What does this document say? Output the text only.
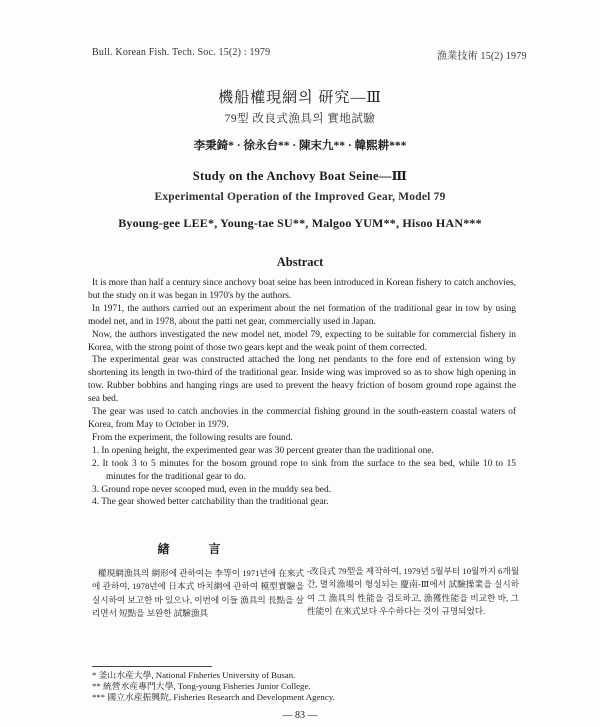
Bull. Korean Fish. Tech. Soc. 15(2) : 1979	漁業技術 15(2) 1979
機船權現網의 研究—Ⅲ
79型 改良式漁具의 實地試驗
李秉錡* · 徐永台** · 陳末九** · 韓熙耕***
Study on the Anchovy Boat Seine—Ⅲ
Experimental Operation of the Improved Gear, Model 79
Byoung-gee LEE*, Young-tae SU**, Malgoo YUM**, Hisoo HAN***
Abstract

It is more than half a century since anchovy boat seine has been introduced in Korean fishery to catch anchovies, but the study on it was began in 1970's by the authors.

In 1971, the authors carried out an experiment about the net formation of the traditional gear in tow by using model net, and in 1978, about the patti net gear, commercially used in Japan.

Now, the authors investigated the new model net, model 79, expecting to be suitable for commercial fishery in Korea, with the strong point of those two gears kept and the weak point of them corrected.

The experimental gear was constructed attached the long net pendants to the fore end of extension wing by shortening its length in two-third of the traditional gear. Inside wing was improved so as to show high opening in tow. Rubber bobbins and hanging rings are used to prevent the heavy friction of bosom ground rope against the sea bed.

The gear was used to catch anchovies in the commercial fishing ground in the south-eastern coastal waters of Korea, from May to October in 1979.

From the experiment, the following results are found.

1. In opening height, the experimented gear was 30 percent greater than the traditional one.
2. It took 3 to 5 minutes for the bosom ground rope to sink from the surface to the sea bed, while 10 to 15 minutes for the traditional gear to do.
3. Ground rope never scooped mud, even in the muddy sea bed.
4. The gear showed better catchability than the traditional gear.
緖 言

權現網漁具의 網形에 관하여는 李等이 1971년에 在來式에 관하여, 1978년에 日本式 바치網에 관하여 模型實驗을 실시하여 보고한 바 있으나, 이번에 이들 漁具의 長點을 살리면서 短點을 보완한 試驗漁具

-改良式 79型을 제작하여, 1979년 5월부터 10월까지 6개월간, 멸치漁場이 형성되는 慶南-Ⅲ에서 試驗操業을 실시하여 그 漁具의 性能을 검토하고, 漁獲性能을 비교한 바, 그 性能이 在來式보다 우수하다는 것이 규명되었다.

* 釜山水産大學, National Fisheries University of Busan.
** 統營水産專門大學, Tong-young Fisheries Junior College.
*** 國立水産振興院, Fisheries Research and Development Agency.
— 83 —
